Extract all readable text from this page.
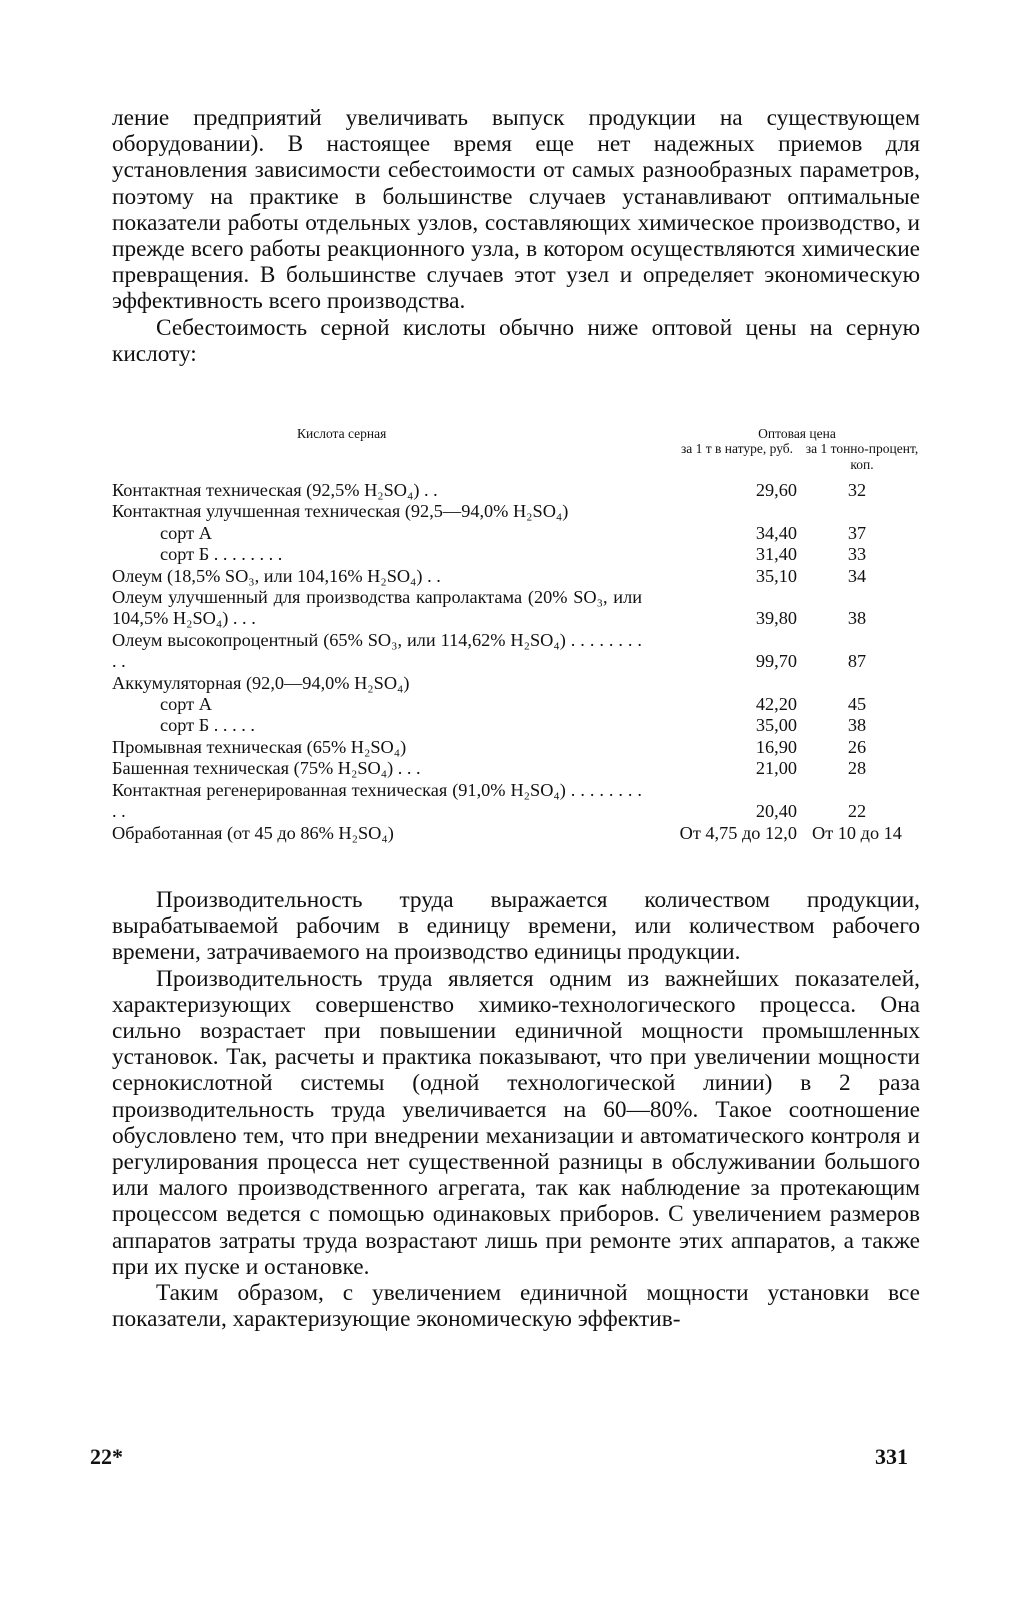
ление предприятий увеличивать выпуск продукции на существующем оборудовании). В настоящее время еще нет надежных приемов для установления зависимости себестоимости от самых разнообразных параметров, поэтому на практике в большинстве случаев устанавливают оптимальные показатели работы отдельных узлов, составляющих химическое производство, и прежде всего работы реакционного узла, в котором осуществляются химические превращения. В большинстве случаев этот узел и определяет экономическую эффективность всего производства.

Себестоимость серной кислоты обычно ниже оптовой цены на серную кислоту:

Кислота серная	Оптовая цена
за 1 т в натуре, руб. за 1 тонно-процент, коп.
Контактная техническая (92,5% H₂SO₄) . .	29,60	32
Контактная улучшенная техническая (92,5—94,0% H₂SO₄)
сорт А	34,40	37
сорт Б . . . . . . . .	31,40	33
Олеум (18,5% SO₃, или 104,16% H₂SO₄) . .	35,10	34
Олеум улучшенный для производства капролактама (20% SO₃, или 104,5% H₂SO₄) . . .	39,80	38
Олеум высокопроцентный (65% SO₃, или 114,62% H₂SO₄) . . . . . . . . . .	99,70	87
Аккумуляторная (92,0—94,0% H₂SO₄)
сорт А	42,20	45
сорт Б . . . . .	35,00	38
Промывная техническая (65% H₂SO₄)	16,90	26
Башенная техническая (75% H₂SO₄) . . .	21,00	28
Контактная регенерированная техническая (91,0% H₂SO₄) . . . . . . . . . .	20,40	22
Обработанная (от 45 до 86% H₂SO₄)	От 4,75 до 12,0 От 10 до 14

Производительность труда выражается количеством продукции, вырабатываемой рабочим в единицу времени, или количеством рабочего времени, затрачиваемого на производство единицы продукции.

Производительность труда является одним из важнейших показателей, характеризующих совершенство химико-технологического процесса. Она сильно возрастает при повышении единичной мощности промышленных установок. Так, расчеты и практика показывают, что при увеличении мощности сернокислотной системы (одной технологической линии) в 2 раза производительность труда увеличивается на 60—80%. Такое соотношение обусловлено тем, что при внедрении механизации и автоматического контроля и регулирования процесса нет существенной разницы в обслуживании большого или малого производственного агрегата, так как наблюдение за протекающим процессом ведется с помощью одинаковых приборов. С увеличением размеров аппаратов затраты труда возрастают лишь при ремонте этих аппаратов, а также при их пуске и остановке.

Таким образом, с увеличением единичной мощности установки все показатели, характеризующие экономическую эффектив-

22*	331
